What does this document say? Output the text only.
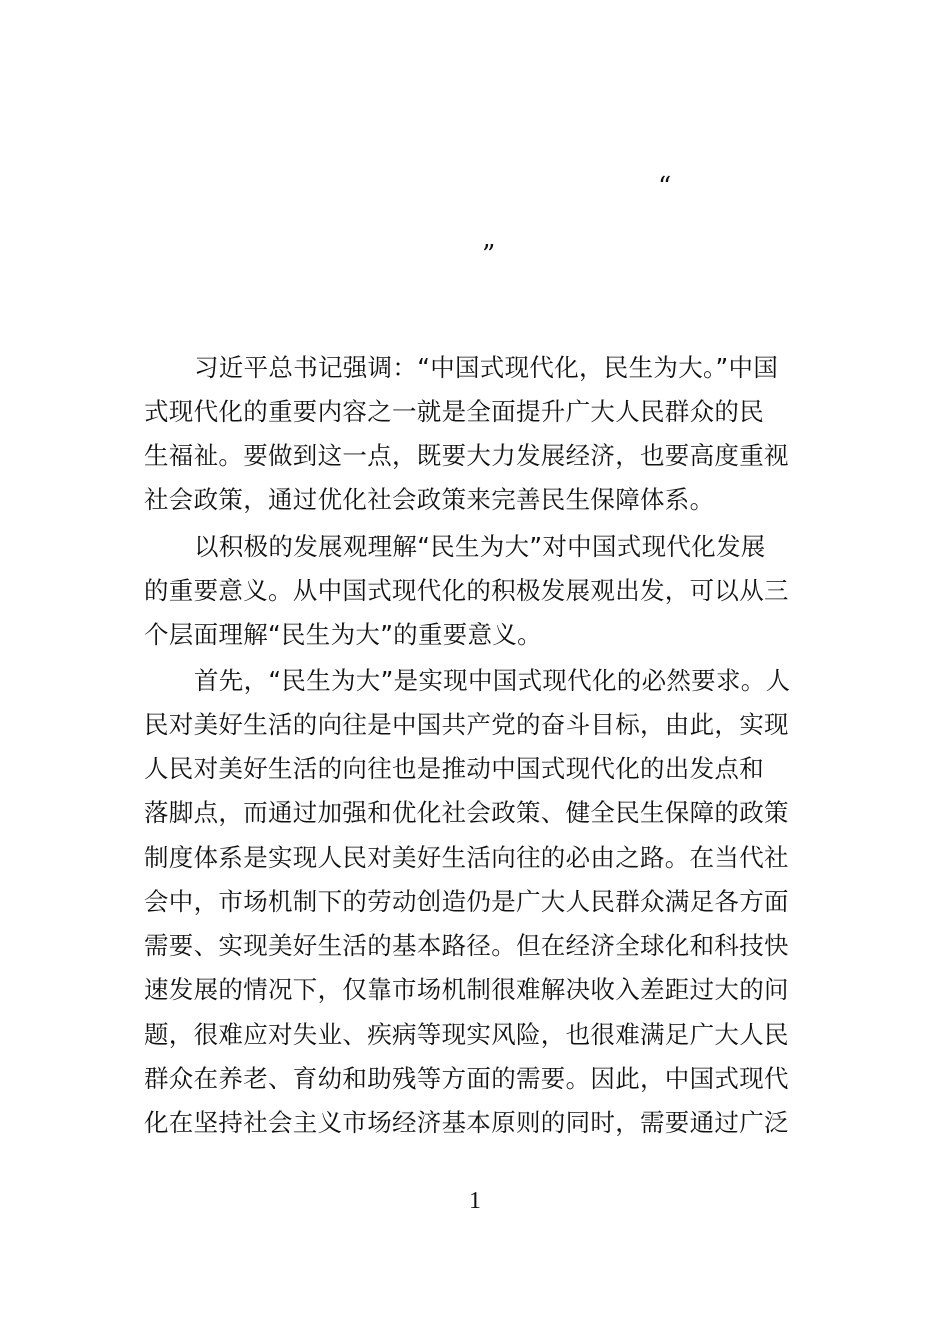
“
”
习近平总书记强调：“中国式现代化，民生为大。”中国
式现代化的重要内容之一就是全面提升广大人民群众的民
生福祉。要做到这一点，既要大力发展经济，也要高度重视
社会政策，通过优化社会政策来完善民生保障体系。
以积极的发展观理解“民生为大”对中国式现代化发展
的重要意义。从中国式现代化的积极发展观出发，可以从三
个层面理解“民生为大”的重要意义。
首先，“民生为大”是实现中国式现代化的必然要求。人
民对美好生活的向往是中国共产党的奋斗目标，由此，实现
人民对美好生活的向往也是推动中国式现代化的出发点和
落脚点，而通过加强和优化社会政策、健全民生保障的政策
制度体系是实现人民对美好生活向往的必由之路。在当代社
会中，市场机制下的劳动创造仍是广大人民群众满足各方面
需要、实现美好生活的基本路径。但在经济全球化和科技快
速发展的情况下，仅靠市场机制很难解决收入差距过大的问
题，很难应对失业、疾病等现实风险，也很难满足广大人民
群众在养老、育幼和助残等方面的需要。因此，中国式现代
化在坚持社会主义市场经济基本原则的同时，需要通过广泛
1
